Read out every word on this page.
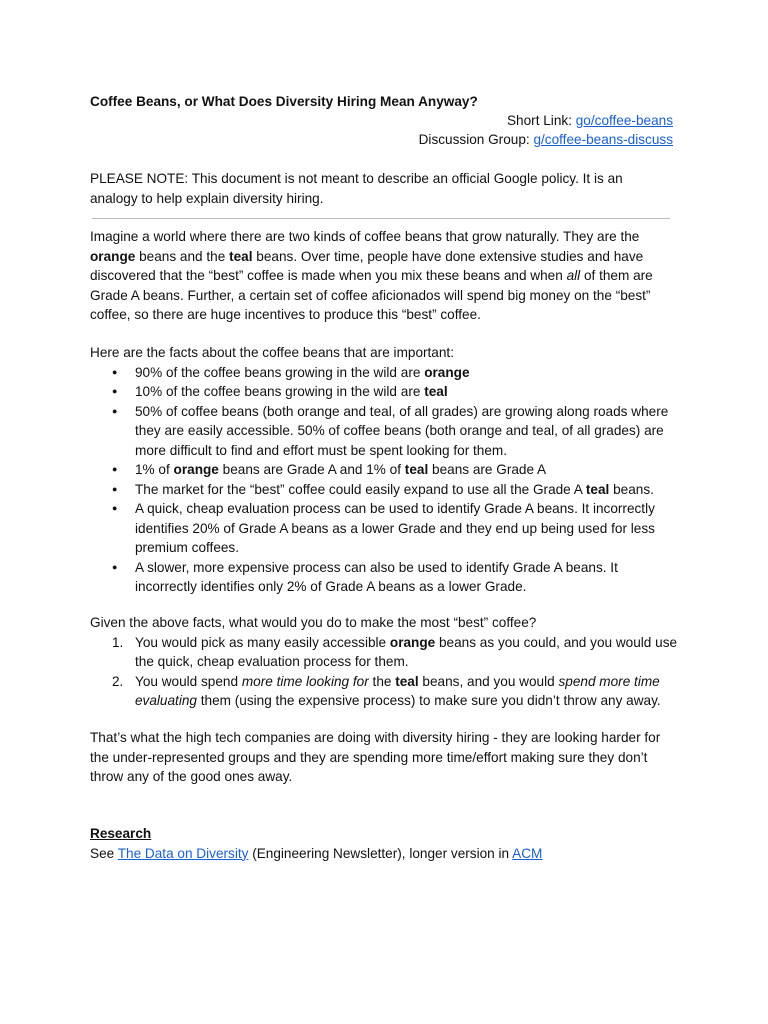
Coffee Beans, or What Does Diversity Hiring Mean Anyway?
Short Link: go/coffee-beans
Discussion Group: g/coffee-beans-discuss
PLEASE NOTE: This document is not meant to describe an official Google policy. It is an
analogy to help explain diversity hiring.
Imagine a world where there are two kinds of coffee beans that grow naturally. They are the orange beans and the teal beans. Over time, people have done extensive studies and have discovered that the “best” coffee is made when you mix these beans and when all of them are Grade A beans. Further, a certain set of coffee aficionados will spend big money on the “best” coffee, so there are huge incentives to produce this “best” coffee.
Here are the facts about the coffee beans that are important:
● 90% of the coffee beans growing in the wild are orange
● 10% of the coffee beans growing in the wild are teal
● 50% of coffee beans (both orange and teal, of all grades) are growing along roads where they are easily accessible. 50% of coffee beans (both orange and teal, of all grades) are more difficult to find and effort must be spent looking for them.
● 1% of orange beans are Grade A and 1% of teal beans are Grade A
● The market for the “best” coffee could easily expand to use all the Grade A teal beans.
● A quick, cheap evaluation process can be used to identify Grade A beans. It incorrectly identifies 20% of Grade A beans as a lower Grade and they end up being used for less premium coffees.
● A slower, more expensive process can also be used to identify Grade A beans. It incorrectly identifies only 2% of Grade A beans as a lower Grade.
Given the above facts, what would you do to make the most “best” coffee?
1. You would pick as many easily accessible orange beans as you could, and you would use the quick, cheap evaluation process for them.
2. You would spend more time looking for the teal beans, and you would spend more time evaluating them (using the expensive process) to make sure you didn’t throw any away.
That’s what the high tech companies are doing with diversity hiring - they are looking harder for the under-represented groups and they are spending more time/effort making sure they don’t throw any of the good ones away.
Research
See The Data on Diversity (Engineering Newsletter), longer version in ACM
